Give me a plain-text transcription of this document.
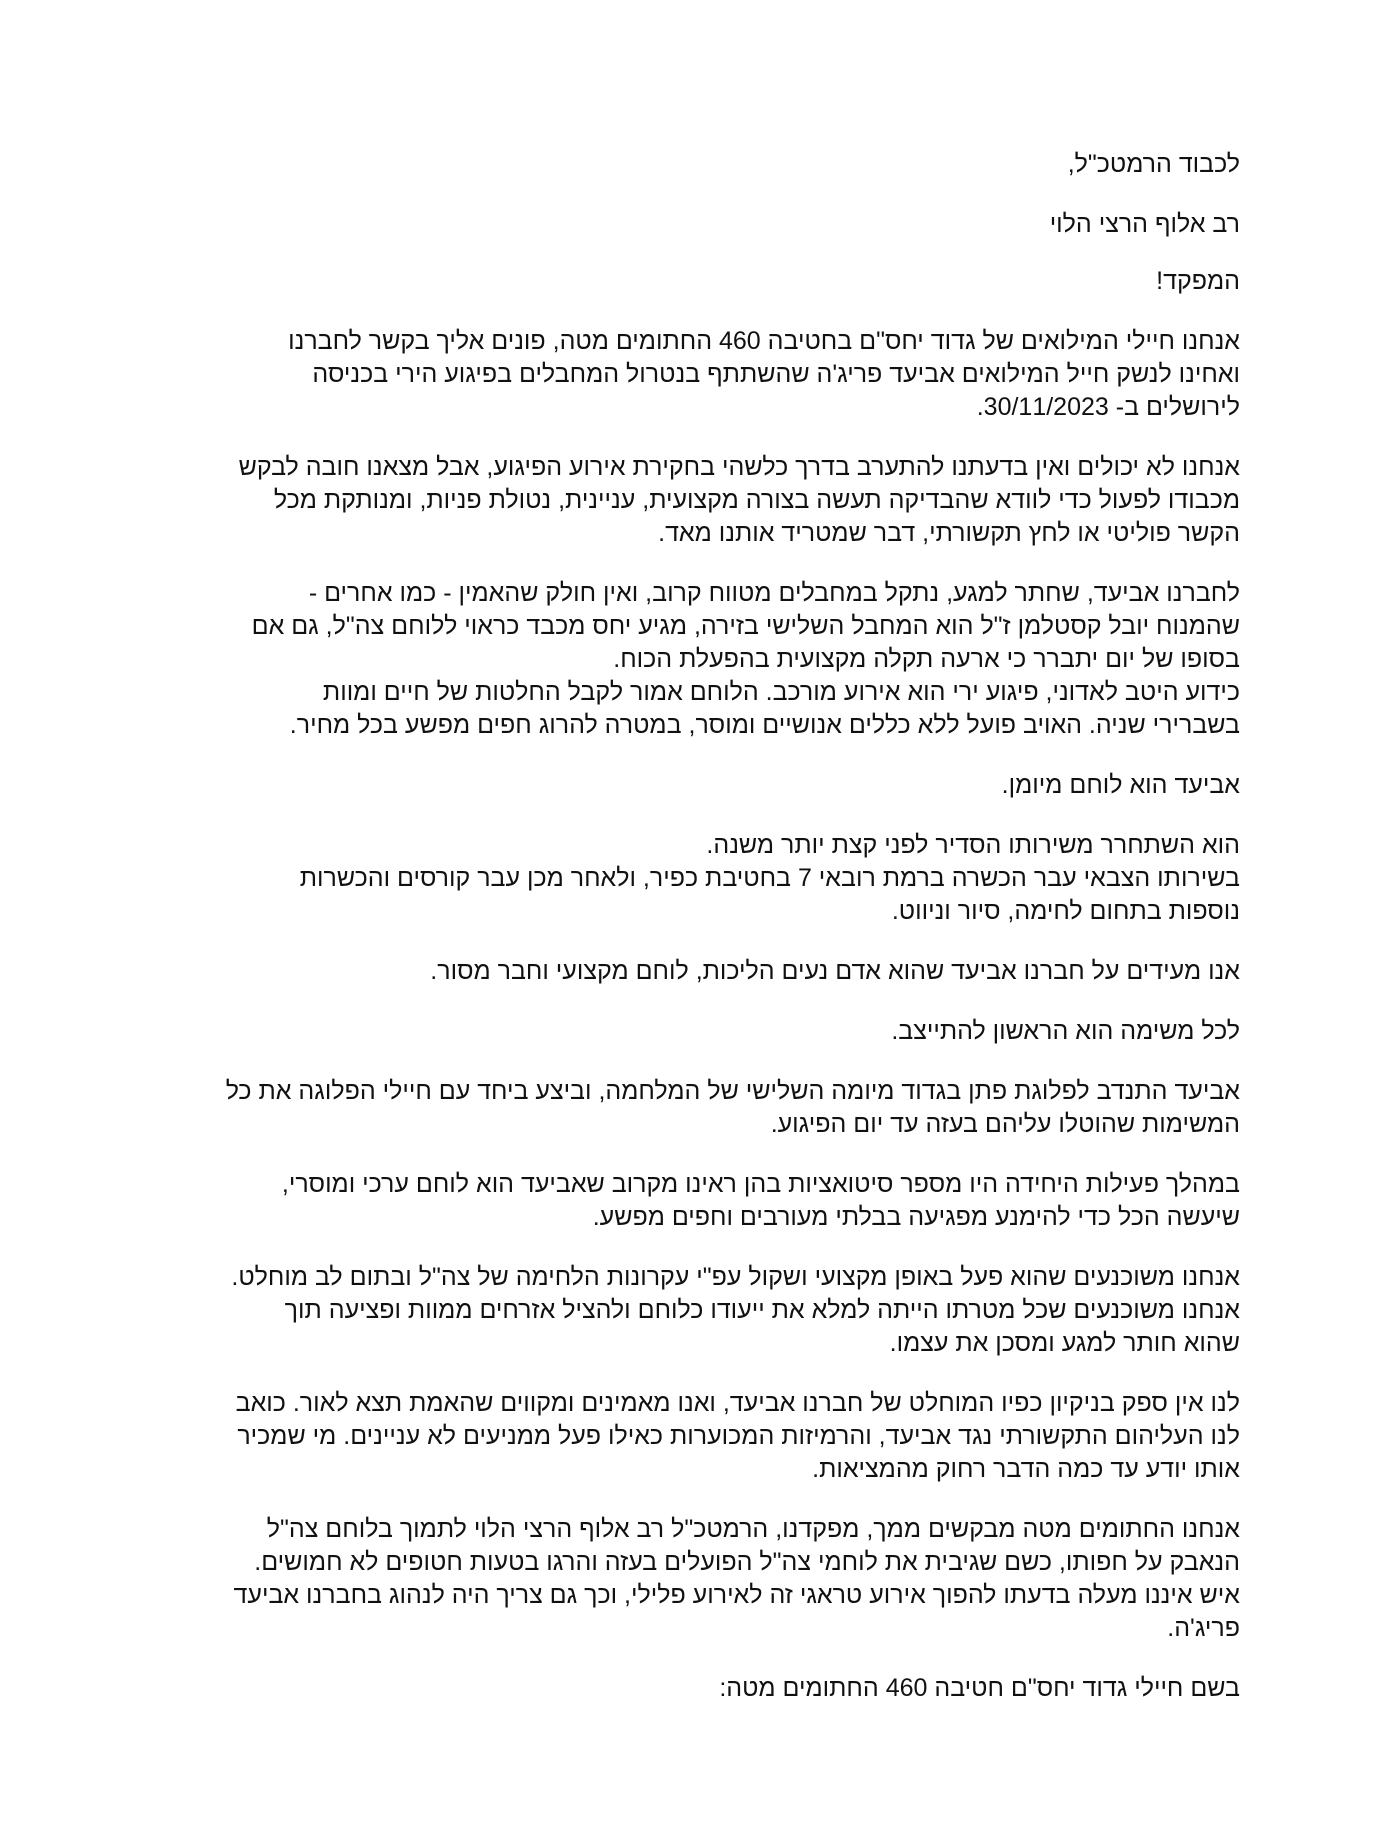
לכבוד הרמטכ"ל,

רב אלוף הרצי הלוי

המפקד!

אנחנו חיילי המילואים של גדוד יחס"ם בחטיבה 460 החתומים מטה, פונים אליך בקשר לחברנו
ואחינו לנשק חייל המילואים אביעד פריג'ה שהשתתף בנטרול המחבלים בפיגוע הירי בכניסה
לירושלים ב- 30/11/2023.

אנחנו לא יכולים ואין בדעתנו להתערב בדרך כלשהי בחקירת אירוע הפיגוע, אבל מצאנו חובה לבקש
מכבודו לפעול כדי לוודא שהבדיקה תעשה בצורה מקצועית, עניינית, נטולת פניות, ומנותקת מכל
הקשר פוליטי או לחץ תקשורתי, דבר שמטריד אותנו מאד.

לחברנו אביעד, שחתר למגע, נתקל במחבלים מטווח קרוב, ואין חולק שהאמין - כמו אחרים -
שהמנוח יובל קסטלמן ז"ל הוא המחבל השלישי בזירה, מגיע יחס מכבד כראוי ללוחם צה"ל, גם אם
בסופו של יום יתברר כי ארעה תקלה מקצועית בהפעלת הכוח.
כידוע היטב לאדוני, פיגוע ירי הוא אירוע מורכב. הלוחם אמור לקבל החלטות של חיים ומוות
בשברירי שניה. האויב פועל ללא כללים אנושיים ומוסר, במטרה להרוג חפים מפשע בכל מחיר.

אביעד הוא לוחם מיומן.

הוא השתחרר משירותו הסדיר לפני קצת יותר משנה.
בשירותו הצבאי עבר הכשרה ברמת רובאי 7 בחטיבת כפיר, ולאחר מכן עבר קורסים והכשרות
נוספות בתחום לחימה, סיור וניווט.

אנו מעידים על חברנו אביעד שהוא אדם נעים הליכות, לוחם מקצועי וחבר מסור.

לכל משימה הוא הראשון להתייצב.

אביעד התנדב לפלוגת פתן בגדוד מיומה השלישי של המלחמה, וביצע ביחד עם חיילי הפלוגה את כל
המשימות שהוטלו עליהם בעזה עד יום הפיגוע.

במהלך פעילות היחידה היו מספר סיטואציות בהן ראינו מקרוב שאביעד הוא לוחם ערכי ומוסרי,
שיעשה הכל כדי להימנע מפגיעה בבלתי מעורבים וחפים מפשע.

אנחנו משוכנעים שהוא פעל באופן מקצועי ושקול עפ"י עקרונות הלחימה של צה"ל ובתום לב מוחלט.
אנחנו משוכנעים שכל מטרתו הייתה למלא את ייעודו כלוחם ולהציל אזרחים ממוות ופציעה תוך
שהוא חותר למגע ומסכן את עצמו.

לנו אין ספק בניקיון כפיו המוחלט של חברנו אביעד, ואנו מאמינים ומקווים שהאמת תצא לאור. כואב
לנו העליהום התקשורתי נגד אביעד, והרמיזות המכוערות כאילו פעל ממניעים לא עניינים. מי שמכיר
אותו יודע עד כמה הדבר רחוק מהמציאות.

אנחנו החתומים מטה מבקשים ממך, מפקדנו, הרמטכ"ל רב אלוף הרצי הלוי לתמוך בלוחם צה"ל
הנאבק על חפותו, כשם שגיבית את לוחמי צה"ל הפועלים בעזה והרגו בטעות חטופים לא חמושים.
איש איננו מעלה בדעתו להפוך אירוע טראגי זה לאירוע פלילי, וכך גם צריך היה לנהוג בחברנו אביעד
פריג'ה.

בשם חיילי גדוד יחס"ם חטיבה 460 החתומים מטה:
